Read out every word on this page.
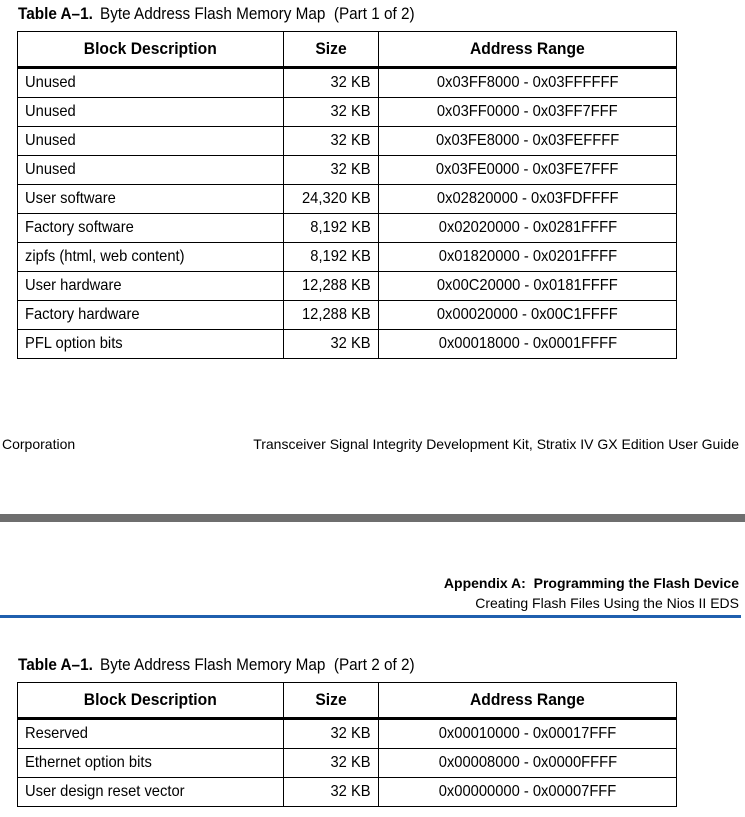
Table A–1. Byte Address Flash Memory Map  (Part 1 of 2)
Block Description	Size	Address Range
Unused	32 KB	0x03FF8000 - 0x03FFFFFF
Unused	32 KB	0x03FF0000 - 0x03FF7FFF
Unused	32 KB	0x03FE8000 - 0x03FEFFFF
Unused	32 KB	0x03FE0000 - 0x03FE7FFF
User software	24,320 KB	0x02820000 - 0x03FDFFFF
Factory software	8,192 KB	0x02020000 - 0x0281FFFF
zipfs (html, web content)	8,192 KB	0x01820000 - 0x0201FFFF
User hardware	12,288 KB	0x00C20000 - 0x0181FFFF
Factory hardware	12,288 KB	0x00020000 - 0x00C1FFFF
PFL option bits	32 KB	0x00018000 - 0x0001FFFF
Corporation	Transceiver Signal Integrity Development Kit, Stratix IV GX Edition User Guide
Appendix A:  Programming the Flash Device
Creating Flash Files Using the Nios II EDS
Table A–1. Byte Address Flash Memory Map  (Part 2 of 2)
Block Description	Size	Address Range
Reserved	32 KB	0x00010000 - 0x00017FFF
Ethernet option bits	32 KB	0x00008000 - 0x0000FFFF
User design reset vector	32 KB	0x00000000 - 0x00007FFF
